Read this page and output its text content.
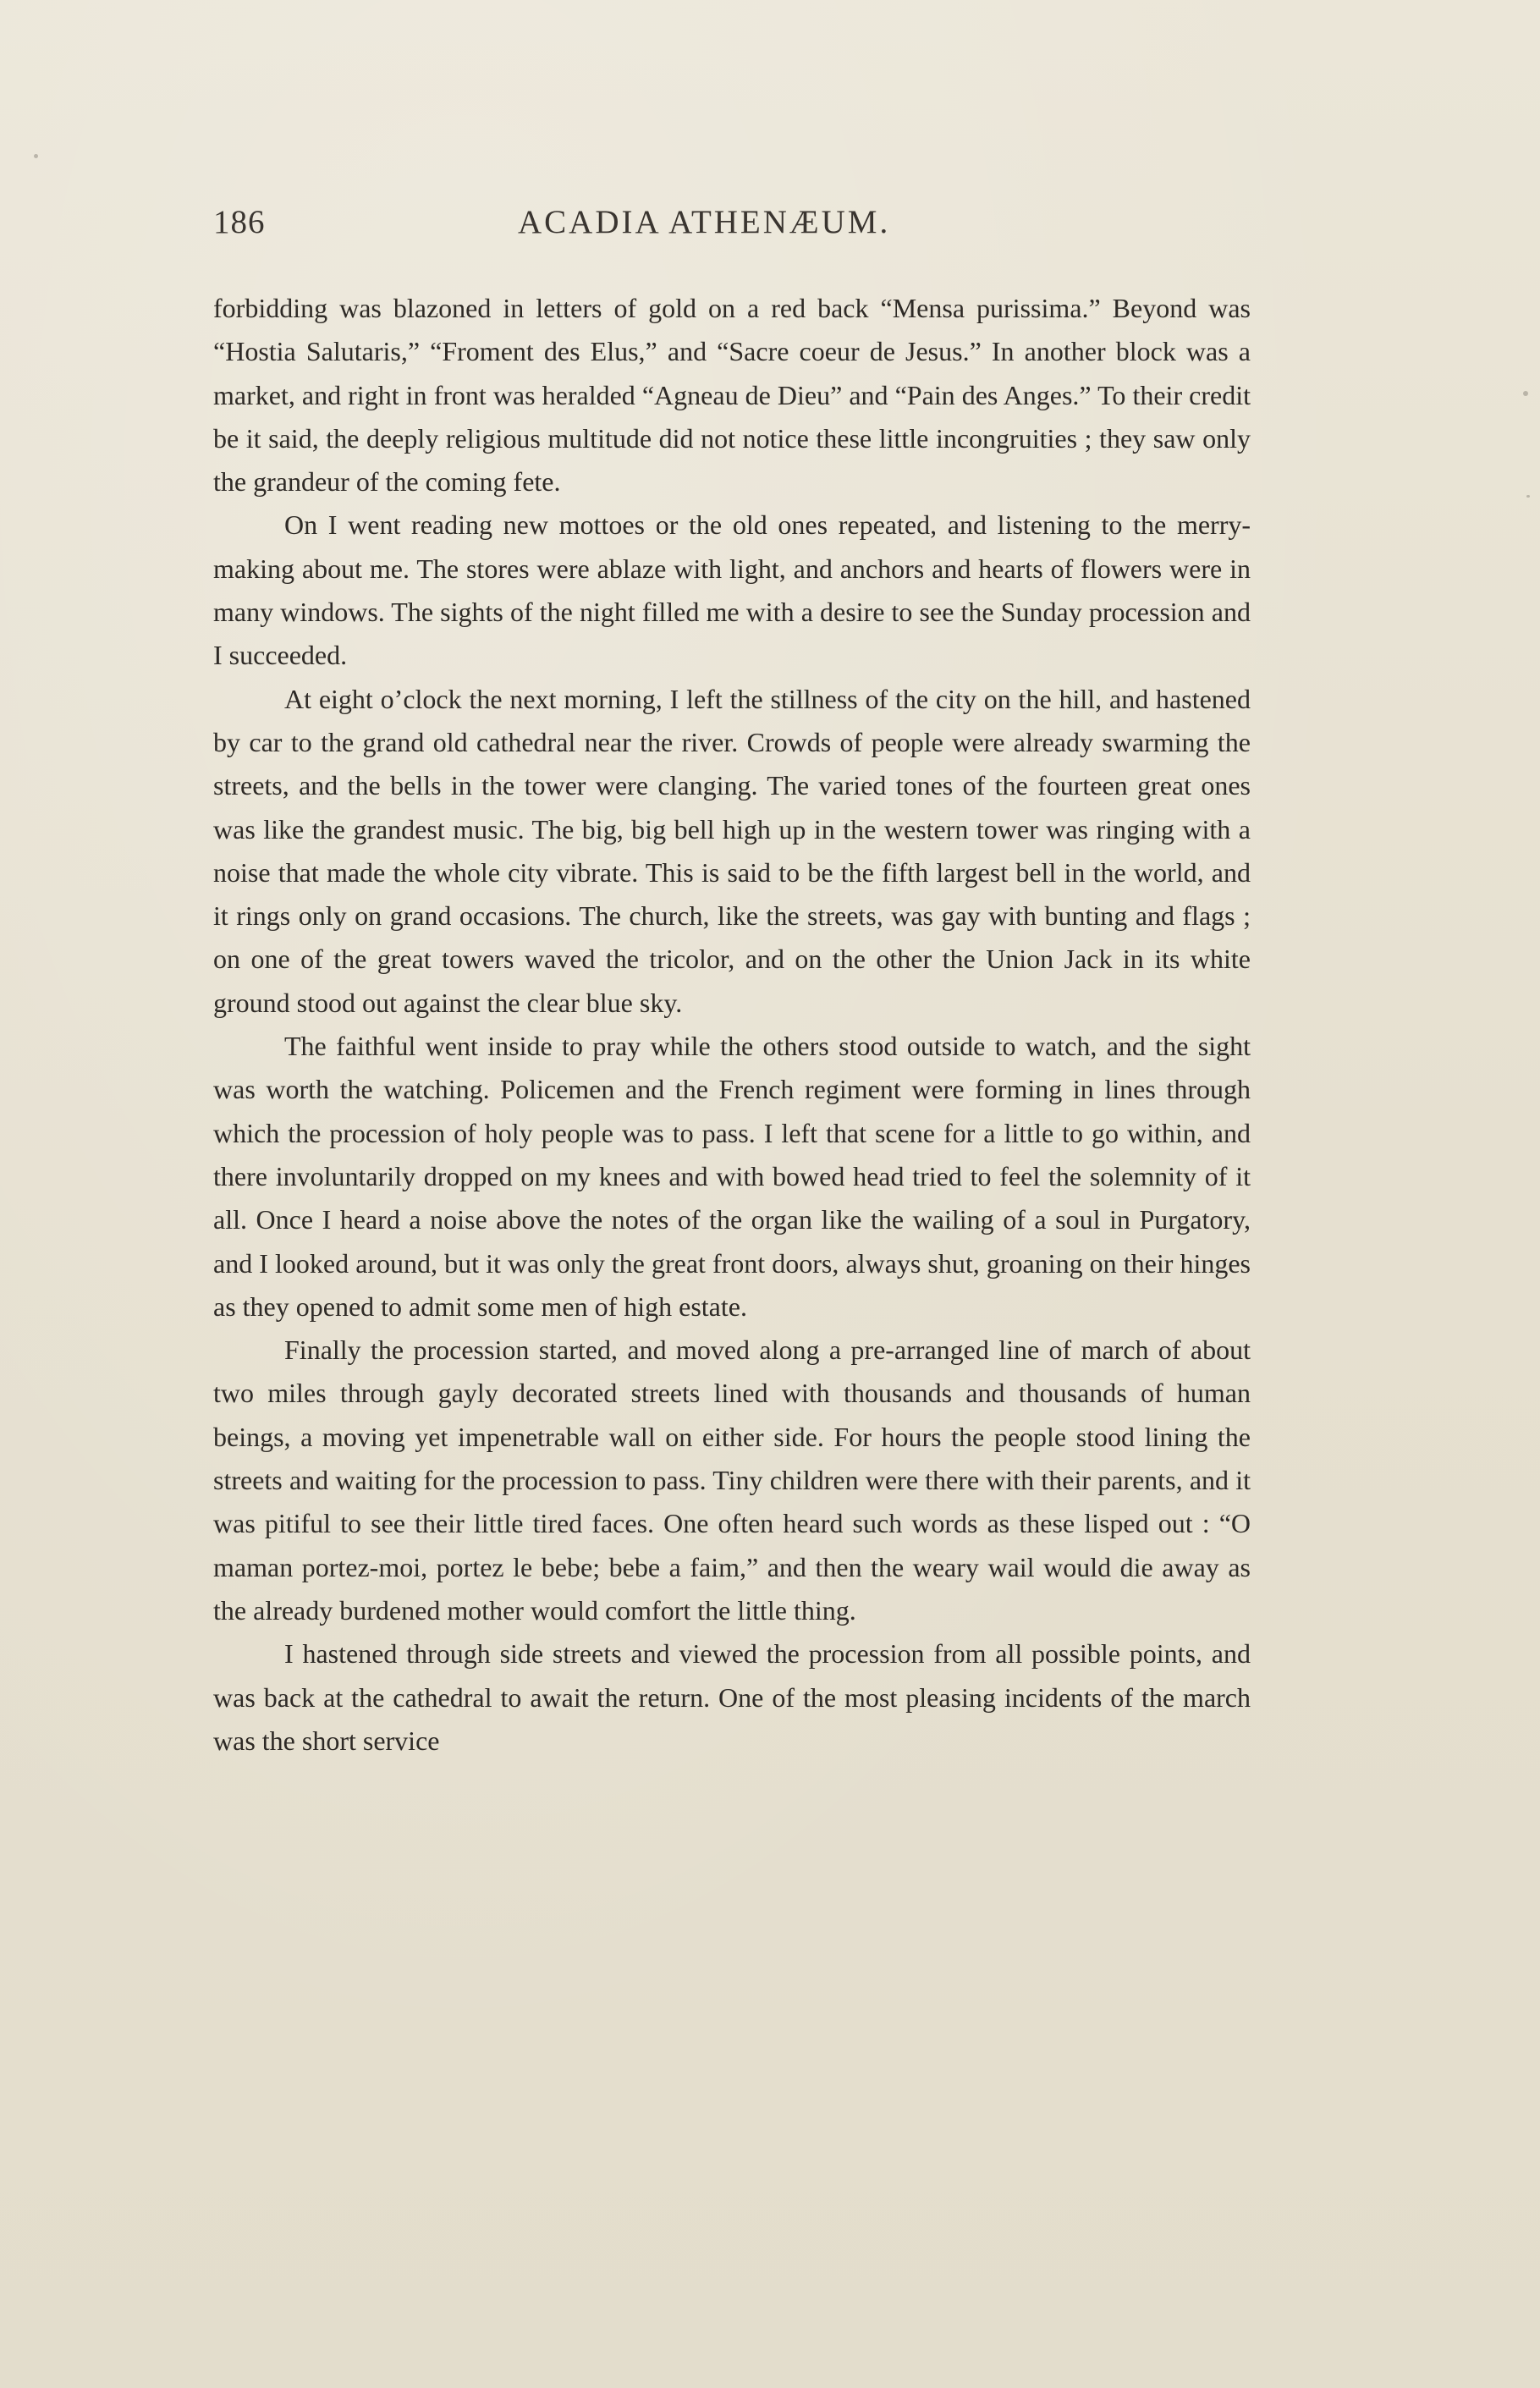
186	ACADIA ATHENÆUM.

forbidding was blazoned in letters of gold on a red back “Mensa purissima.” Beyond was “Hostia Salutaris,” “Froment des Elus,” and “Sacre coeur de Jesus.” In another block was a market, and right in front was heralded “Agneau de Dieu” and “Pain des Anges.” To their credit be it said, the deeply religious multitude did not notice these little incongruities ; they saw only the grandeur of the coming fete.

On I went reading new mottoes or the old ones repeated, and listening to the merry-making about me. The stores were ablaze with light, and anchors and hearts of flowers were in many windows. The sights of the night filled me with a desire to see the Sunday procession and I succeeded.

At eight o’clock the next morning, I left the stillness of the city on the hill, and hastened by car to the grand old cathedral near the river. Crowds of people were already swarming the streets, and the bells in the tower were clanging. The varied tones of the fourteen great ones was like the grandest music. The big, big bell high up in the western tower was ringing with a noise that made the whole city vibrate. This is said to be the fifth largest bell in the world, and it rings only on grand occasions. The church, like the streets, was gay with bunting and flags ; on one of the great towers waved the tricolor, and on the other the Union Jack in its white ground stood out against the clear blue sky.

The faithful went inside to pray while the others stood outside to watch, and the sight was worth the watching. Policemen and the French regiment were forming in lines through which the procession of holy people was to pass. I left that scene for a little to go within, and there involuntarily dropped on my knees and with bowed head tried to feel the solemnity of it all. Once I heard a noise above the notes of the organ like the wailing of a soul in Purgatory, and I looked around, but it was only the great front doors, always shut, groaning on their hinges as they opened to admit some men of high estate.

Finally the procession started, and moved along a pre-arranged line of march of about two miles through gayly decorated streets lined with thousands and thousands of human beings, a moving yet impenetrable wall on either side. For hours the people stood lining the streets and waiting for the procession to pass. Tiny children were there with their parents, and it was pitiful to see their little tired faces. One often heard such words as these lisped out : “O maman portez-moi, portez le bebe; bebe a faim,” and then the weary wail would die away as the already burdened mother would comfort the little thing.

I hastened through side streets and viewed the procession from all possible points, and was back at the cathedral to await the return. One of the most pleasing incidents of the march was the short service
